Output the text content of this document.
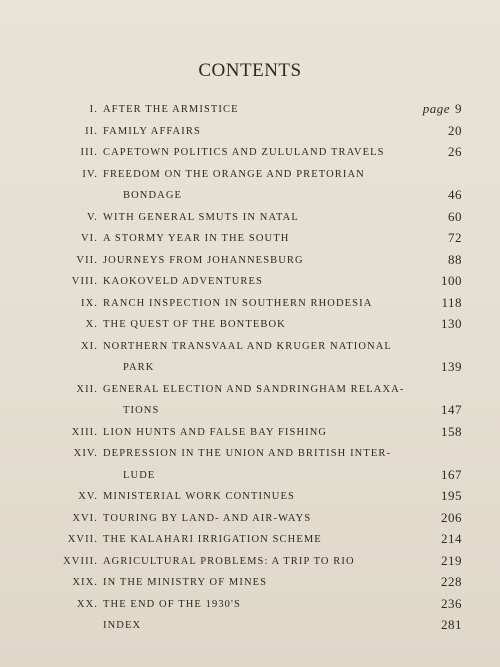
CONTENTS
I. AFTER THE ARMISTICE	page 9
II. FAMILY AFFAIRS	20
III. CAPETOWN POLITICS AND ZULULAND TRAVELS	26
IV. FREEDOM ON THE ORANGE AND PRETORIAN
BONDAGE	46
V. WITH GENERAL SMUTS IN NATAL	60
VI. A STORMY YEAR IN THE SOUTH	72
VII. JOURNEYS FROM JOHANNESBURG	88
VIII. KAOKOVELD ADVENTURES	100
IX. RANCH INSPECTION IN SOUTHERN RHODESIA	118
X. THE QUEST OF THE BONTEBOK	130
XI. NORTHERN TRANSVAAL AND KRUGER NATIONAL
PARK	139
XII. GENERAL ELECTION AND SANDRINGHAM RELAXA-
TIONS	147
XIII. LION HUNTS AND FALSE BAY FISHING	158
XIV. DEPRESSION IN THE UNION AND BRITISH INTER-
LUDE	167
XV. MINISTERIAL WORK CONTINUES	195
XVI. TOURING BY LAND- AND AIR-WAYS	206
XVII. THE KALAHARI IRRIGATION SCHEME	214
XVIII. AGRICULTURAL PROBLEMS: A TRIP TO RIO	219
XIX. IN THE MINISTRY OF MINES	228
XX. THE END OF THE 1930'S	236
INDEX	281
